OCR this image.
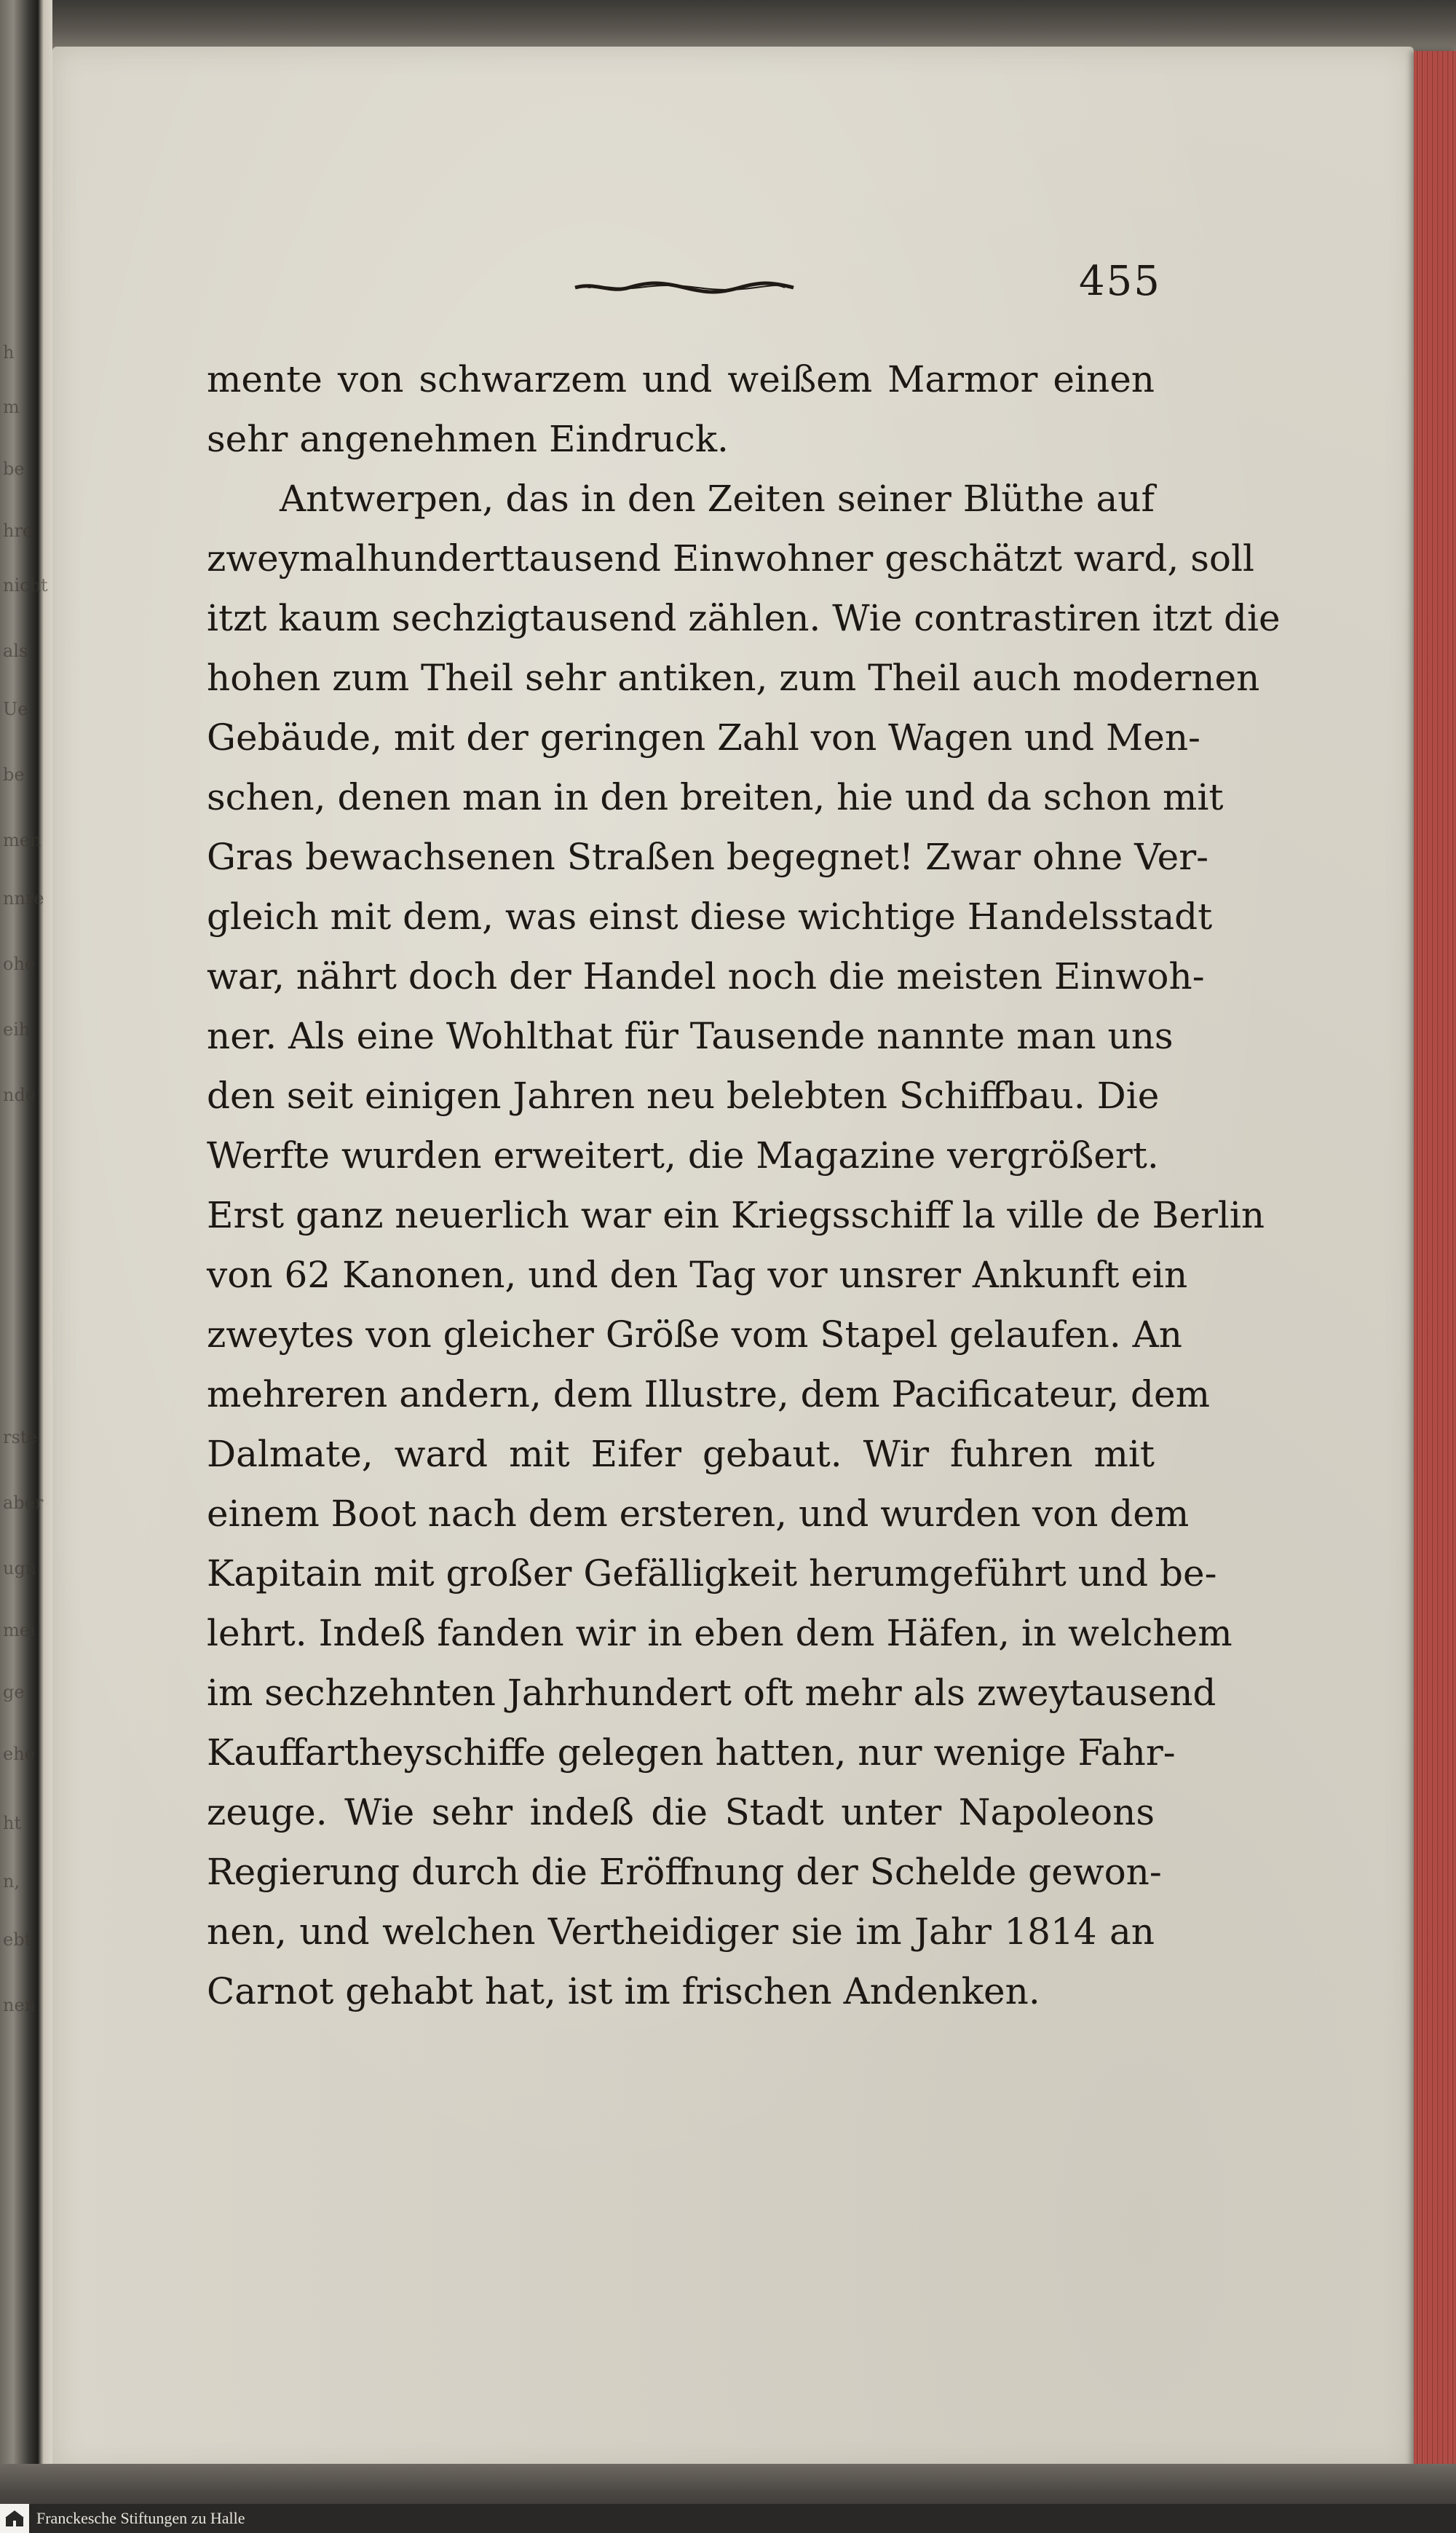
h
m
be
hre
nicht
als
Ue
be
men
nnre
ohe
eih
nde
rste
aber
ugn
mei
ge
ehe
ht
n,
ebt
nen
455
mente von schwarzem und weißem Marmor einen
sehr angenehmen Eindruck.
Antwerpen, das in den Zeiten seiner Blüthe auf
zweymalhunderttausend Einwohner geschätzt ward, soll
itzt kaum sechzigtausend zählen. Wie contrastiren itzt die
hohen zum Theil sehr antiken, zum Theil auch modernen
Gebäude, mit der geringen Zahl von Wagen und Men-
schen, denen man in den breiten, hie und da schon mit
Gras bewachsenen Straßen begegnet! Zwar ohne Ver-
gleich mit dem, was einst diese wichtige Handelsstadt
war, nährt doch der Handel noch die meisten Einwoh-
ner. Als eine Wohlthat für Tausende nannte man uns
den seit einigen Jahren neu belebten Schiffbau. Die
Werfte wurden erweitert, die Magazine vergrößert.
Erst ganz neuerlich war ein Kriegsschiff la ville de Berlin
von 62 Kanonen, und den Tag vor unsrer Ankunft ein
zweytes von gleicher Größe vom Stapel gelaufen. An
mehreren andern, dem Illustre, dem Pacificateur, dem
Dalmate, ward mit Eifer gebaut. Wir fuhren mit
einem Boot nach dem ersteren, und wurden von dem
Kapitain mit großer Gefälligkeit herumgeführt und be-
lehrt. Indeß fanden wir in eben dem Häfen, in welchem
im sechzehnten Jahrhundert oft mehr als zweytausend
Kauffartheyschiffe gelegen hatten, nur wenige Fahr-
zeuge. Wie sehr indeß die Stadt unter Napoleons
Regierung durch die Eröffnung der Schelde gewon-
nen, und welchen Vertheidiger sie im Jahr 1814 an
Carnot gehabt hat, ist im frischen Andenken.
Franckesche Stiftungen zu Halle
